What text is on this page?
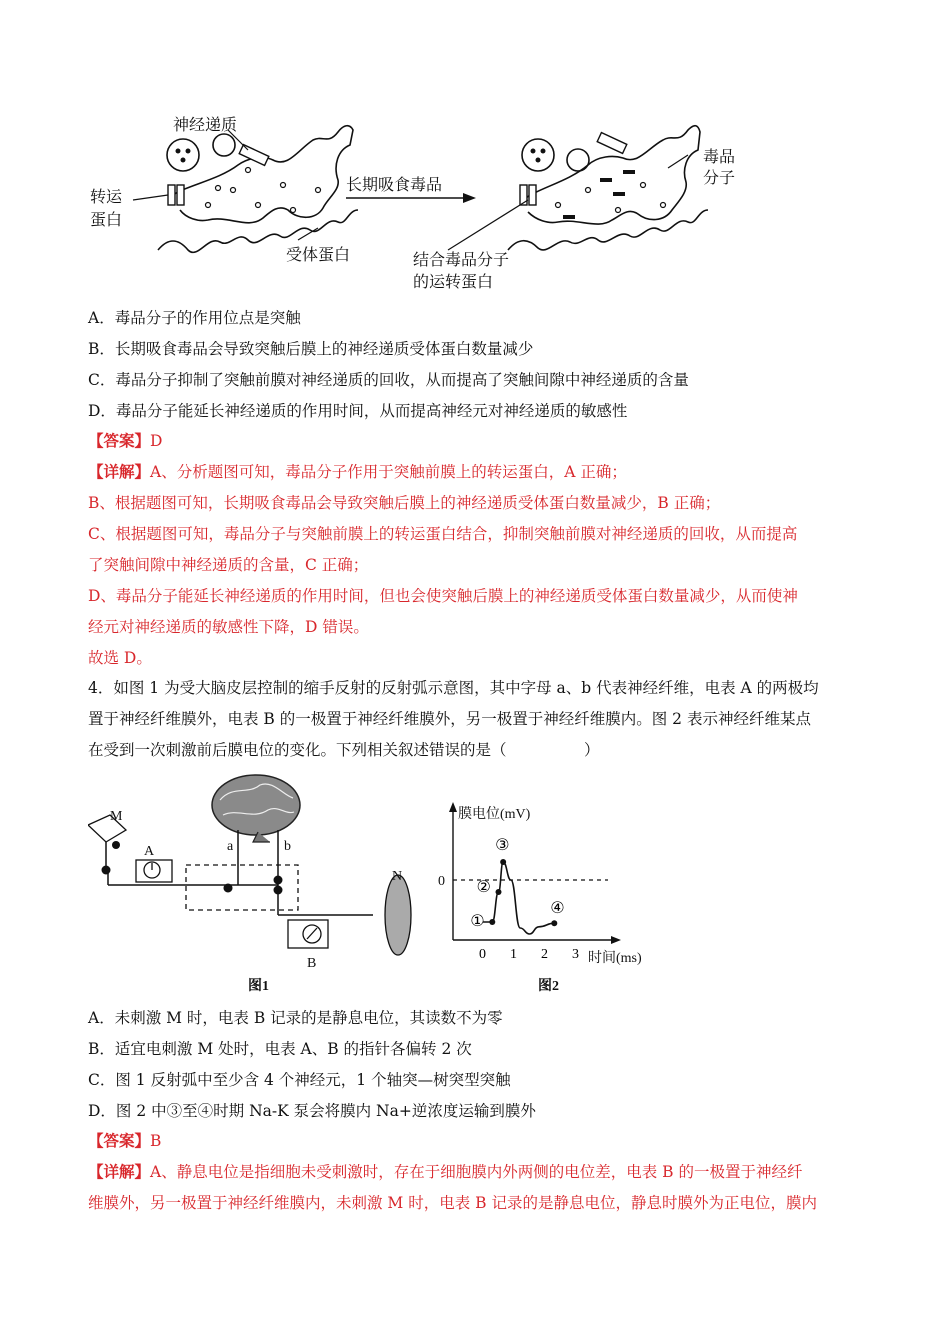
神经递质
转运
蛋白
受体蛋白
长期吸食毒品
毒品
分子
结合毒品分子
的运转蛋白
A．毒品分子的作用位点是突触
B．长期吸食毒品会导致突触后膜上的神经递质受体蛋白数量减少
C．毒品分子抑制了突触前膜对神经递质的回收，从而提高了突触间隙中神经递质的含量
D．毒品分子能延长神经递质的作用时间，从而提高神经元对神经递质的敏感性
【答案】D
【详解】A、分析题图可知，毒品分子作用于突触前膜上的转运蛋白，A 正确；
B、根据题图可知，长期吸食毒品会导致突触后膜上的神经递质受体蛋白数量减少，B 正确；
C、根据题图可知，毒品分子与突触前膜上的转运蛋白结合，抑制突触前膜对神经递质的回收，从而提高
了突触间隙中神经递质的含量，C 正确；
D、毒品分子能延长神经递质的作用时间，但也会使突触后膜上的神经递质受体蛋白数量减少，从而使神
经元对神经递质的敏感性下降，D 错误。
故选 D。
4．如图 1 为受大脑皮层控制的缩手反射的反射弧示意图，其中字母 a、b 代表神经纤维，电表 A 的两极均
置于神经纤维膜外，电表 B 的一极置于神经纤维膜外，另一极置于神经纤维膜内。图 2 表示神经纤维某点
在受到一次刺激前后膜电位的变化。下列相关叙述错误的是（　　　　　）
a	b
M
A
B
N
图1
膜电位(mV)
0
时间(ms)
图2
0 1 2 3
①
②
③
④
A．未刺激 M 时，电表 B 记录的是静息电位，其读数不为零
B．适宜电刺激 M 处时，电表 A、B 的指针各偏转 2 次
C．图 1 反射弧中至少含 4 个神经元，1 个轴突—树突型突触
D．图 2 中③至④时期 Na-K 泵会将膜内 Na+逆浓度运输到膜外
【答案】B
【详解】A、静息电位是指细胞未受刺激时，存在于细胞膜内外两侧的电位差，电表 B 的一极置于神经纤
维膜外，另一极置于神经纤维膜内，未刺激 M 时，电表 B 记录的是静息电位，静息时膜外为正电位，膜内
